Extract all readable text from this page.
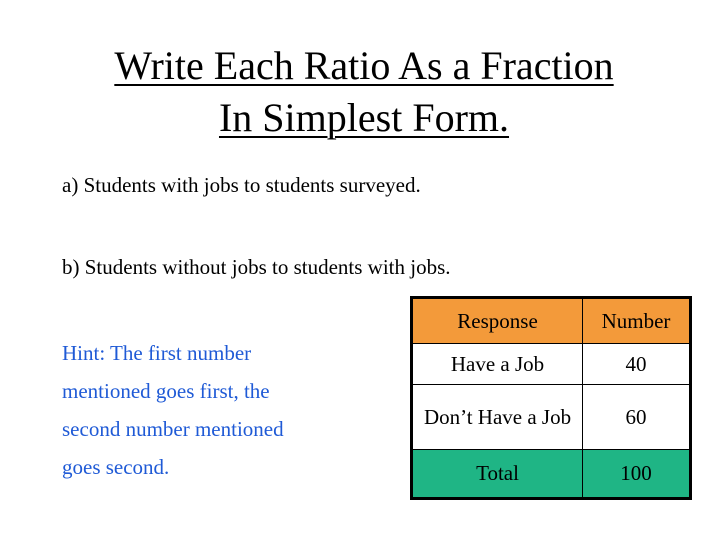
Write Each Ratio As a Fraction
In Simplest Form.
a) Students with jobs to students surveyed.
b) Students without jobs to students with jobs.
Hint: The first number
mentioned goes first, the
second number mentioned
goes second.
Response	Number
Have a Job	40
Don’t Have a Job	60
Total	100
